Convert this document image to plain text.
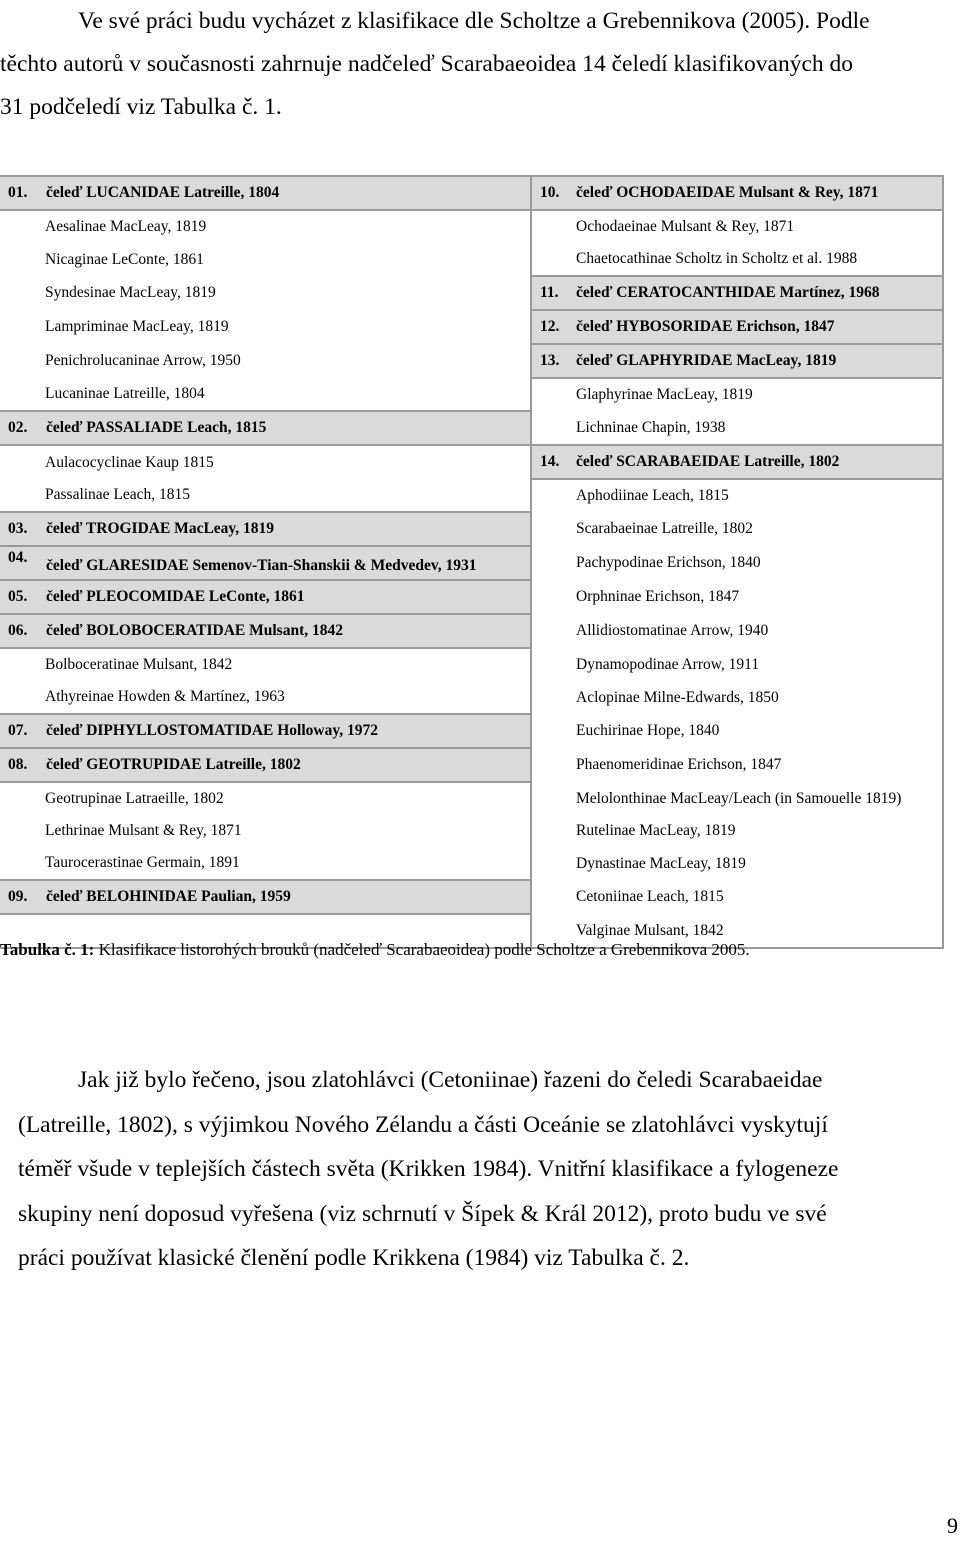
Ve své práci budu vycházet z klasifikace dle Scholtze a Grebennikova (2005). Podle
těchto autorů v současnosti zahrnuje nadčeleď Scarabaeoidea 14 čeledí klasifikovaných do
31 podčeledí viz Tabulka č. 1.
01. čeleď LUCANIDAE Latreille, 1804	10. čeleď OCHODAEIDAE Mulsant & Rey, 1871
Aesalinae MacLeay, 1819	Ochodaeinae Mulsant & Rey, 1871
Nicaginae LeConte, 1861	Chaetocathinae Scholtz in Scholtz et al. 1988
Syndesinae MacLeay, 1819	11. čeleď CERATOCANTHIDAE Martínez, 1968
Lampriminae MacLeay, 1819	12. čeleď HYBOSORIDAE Erichson, 1847
Penichrolucaninae Arrow, 1950	13. čeleď GLAPHYRIDAE MacLeay, 1819
Lucaninae Latreille, 1804	Glaphyrinae MacLeay, 1819
02. čeleď PASSALIADE Leach, 1815	Lichninae Chapin, 1938
Aulacocyclinae Kaup 1815	14. čeleď SCARABAEIDAE Latreille, 1802
Passalinae Leach, 1815	Aphodiinae Leach, 1815
03. čeleď TROGIDAE MacLeay, 1819	Scarabaeinae Latreille, 1802
04. čeleď GLARESIDAE Semenov-Tian-Shanskii & Medvedev, 1931	Pachypodinae Erichson, 1840
05. čeleď PLEOCOMIDAE LeConte, 1861	Orphninae Erichson, 1847
06. čeleď BOLOBOCERATIDAE Mulsant, 1842	Allidiostomatinae Arrow, 1940
Bolboceratinae Mulsant, 1842	Dynamopodinae Arrow, 1911
Athyreinae Howden & Martínez, 1963	Aclopinae Milne-Edwards, 1850
07. čeleď DIPHYLLOSTOMATIDAE Holloway, 1972	Euchirinae Hope, 1840
08. čeleď GEOTRUPIDAE Latreille, 1802	Phaenomeridinae Erichson, 1847
Geotrupinae Latraeille, 1802	Melolonthinae MacLeay/Leach (in Samouelle 1819)
Lethrinae Mulsant & Rey, 1871	Rutelinae MacLeay, 1819
Taurocerastinae Germain, 1891	Dynastinae MacLeay, 1819
09. čeleď BELOHINIDAE Paulian, 1959	Cetoniinae Leach, 1815
	Valginae Mulsant, 1842

Tabulka č. 1: Klasifikace listorohých brouků (nadčeleď Scarabaeoidea) podle Scholtze a Grebennikova 2005.

Jak již bylo řečeno, jsou zlatohlávci (Cetoniinae) řazeni do čeledi Scarabaeidae
(Latreille, 1802), s výjimkou Nového Zélandu a části Oceánie se zlatohlávci vyskytují
téměř všude v teplejších částech světa (Krikken 1984). Vnitřní klasifikace a fylogeneze
skupiny není doposud vyřešena (viz schrnutí v Šípek & Král 2012), proto budu ve své
práci používat klasické členění podle Krikkena (1984) viz Tabulka č. 2.
9
